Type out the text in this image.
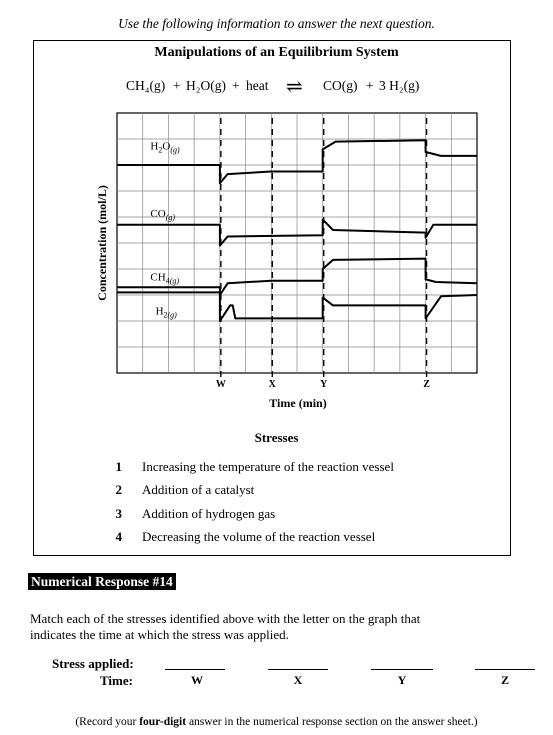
Use the following information to answer the next question.
Manipulations of an Equilibrium System
CH₄(g) + H₂O(g) + heat ⇌ CO(g) + 3 H₂(g)
Concentration (mol/L)
Time (min)
W	X	Y	Z
$H_2O_{(g)}$
$CO_{(g)}$
$CH_4(g)$
$H_2(g)$
Stresses
1 Increasing the temperature of the reaction vessel
2 Addition of a catalyst
3 Addition of hydrogen gas
4 Decreasing the volume of the reaction vessel
Numerical Response #14
Match each of the stresses identified above with the letter on the graph that indicates the time at which the stress was applied.
Stress applied:
Time:	W	X	Y	Z
(Record your four-digit answer in the numerical response section on the answer sheet.)
